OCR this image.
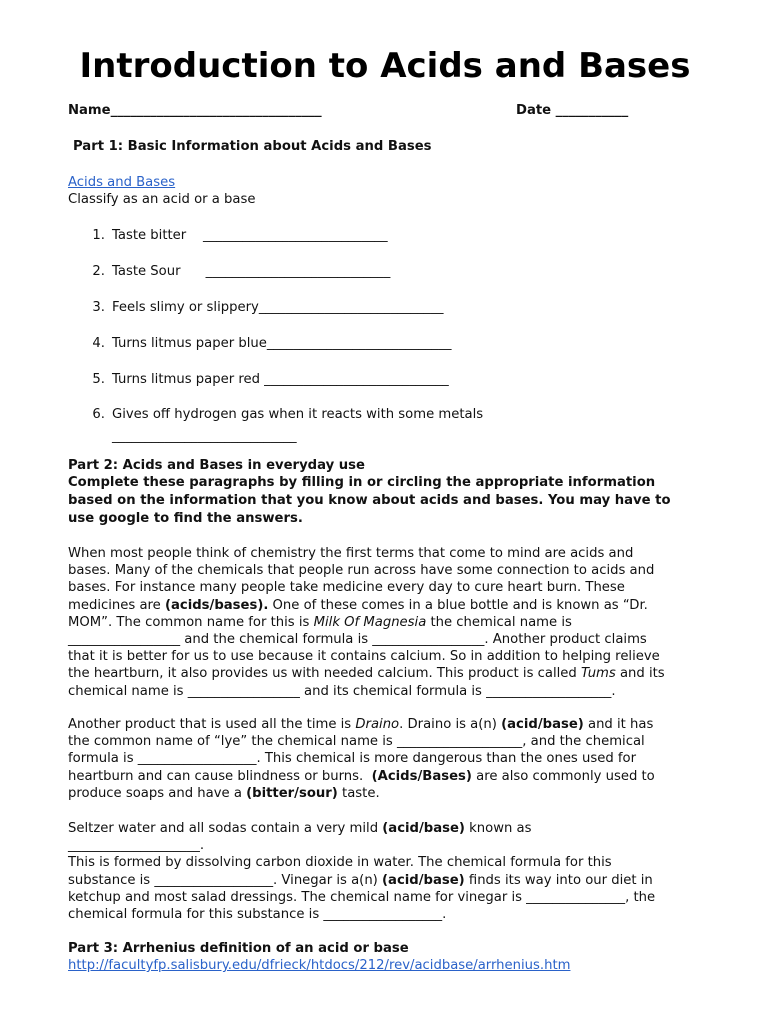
Introduction to Acids and Bases
Name________________________________	Date ___________
Part 1: Basic Information about Acids and Bases
Acids and Bases
Classify as an acid or a base
1. Taste bitter    ____________________________
2. Taste Sour      ____________________________
3. Feels slimy or slippery____________________________
4. Turns litmus paper blue____________________________
5. Turns litmus paper red ____________________________
6. Gives off hydrogen gas when it reacts with some metals
____________________________
Part 2: Acids and Bases in everyday use
Complete these paragraphs by filling in or circling the appropriate information
based on the information that you know about acids and bases. You may have to
use google to find the answers.
When most people think of chemistry the first terms that come to mind are acids and
bases. Many of the chemicals that people run across have some connection to acids and
bases. For instance many people take medicine every day to cure heart burn. These
medicines are (acids/bases). One of these comes in a blue bottle and is known as “Dr.
MOM”. The common name for this is Milk Of Magnesia the chemical name is
_________________ and the chemical formula is _________________. Another product claims
that it is better for us to use because it contains calcium. So in addition to helping relieve
the heartburn, it also provides us with needed calcium. This product is called Tums and its
chemical name is _________________ and its chemical formula is ___________________.
Another product that is used all the time is Draino. Draino is a(n) (acid/base) and it has
the common name of “lye” the chemical name is ___________________, and the chemical
formula is __________________. This chemical is more dangerous than the ones used for
heartburn and can cause blindness or burns.  (Acids/Bases) are also commonly used to
produce soaps and have a (bitter/sour) taste.
Seltzer water and all sodas contain a very mild (acid/base) known as
____________________.
This is formed by dissolving carbon dioxide in water. The chemical formula for this
substance is __________________. Vinegar is a(n) (acid/base) finds its way into our diet in
ketchup and most salad dressings. The chemical name for vinegar is _______________, the
chemical formula for this substance is __________________.
Part 3: Arrhenius definition of an acid or base
http://facultyfp.salisbury.edu/dfrieck/htdocs/212/rev/acidbase/arrhenius.htm
